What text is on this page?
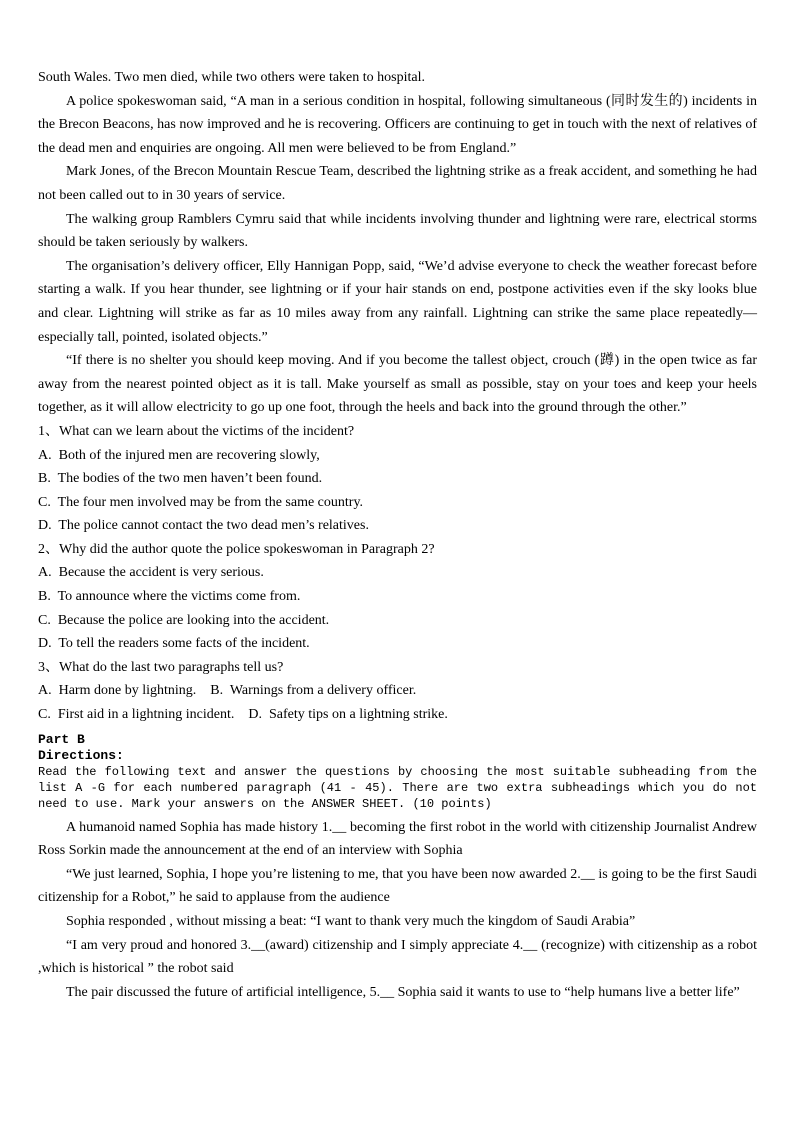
South Wales. Two men died, while two others were taken to hospital.

A police spokeswoman said, “A man in a serious condition in hospital, following simultaneous (同时发生的) incidents in the Brecon Beacons, has now improved and he is recovering. Officers are continuing to get in touch with the next of relatives of the dead men and enquiries are ongoing. All men were believed to be from England.”

Mark Jones, of the Brecon Mountain Rescue Team, described the lightning strike as a freak accident, and something he had not been called out to in 30 years of service.

The walking group Ramblers Cymru said that while incidents involving thunder and lightning were rare, electrical storms should be taken seriously by walkers.

The organisation’s delivery officer, Elly Hannigan Popp, said, “We’d advise everyone to check the weather forecast before starting a walk. If you hear thunder, see lightning or if your hair stands on end, postpone activities even if the sky looks blue and clear. Lightning will strike as far as 10 miles away from any rainfall. Lightning can strike the same place repeatedly—especially tall, pointed, isolated objects.”

“If there is no shelter you should keep moving. And if you become the tallest object, crouch (蹲) in the open twice as far away from the nearest pointed object as it is tall. Make yourself as small as possible, stay on your toes and keep your heels together, as it will allow electricity to go up one foot, through the heels and back into the ground through the other.”

1、What can we learn about the victims of the incident?

A.  Both of the injured men are recovering slowly,

B.  The bodies of the two men haven’t been found.

C.  The four men involved may be from the same country.

D.  The police cannot contact the two dead men’s relatives.

2、Why did the author quote the police spokeswoman in Paragraph 2?

A.  Because the accident is very serious.

B.  To announce where the victims come from.

C.  Because the police are looking into the accident.

D.  To tell the readers some facts of the incident.

3、What do the last two paragraphs tell us?

A.  Harm done by lightning.    B.  Warnings from a delivery officer.

C.  First aid in a lightning incident.    D.  Safety tips on a lightning strike.

Part B

Directions:

Read the following text and answer the questions by choosing the most suitable subheading from the list A -G for each numbered paragraph (41 - 45). There are two extra subheadings which you do not need to use. Mark your answers on the ANSWER SHEET. (10 points)

A humanoid named Sophia has made history 1.__ becoming the first robot in the world with citizenship Journalist Andrew Ross Sorkin made the announcement at the end of an interview with Sophia

“We just learned, Sophia, I hope you’re listening to me, that you have been now awarded 2.__ is going to be the first Saudi citizenship for a Robot,” he said to applause from the audience

Sophia responded , without missing a beat: “I want to thank very much the kingdom of Saudi Arabia”

“I am very proud and honored 3.__(award) citizenship and I simply appreciate 4.__ (recognize) with citizenship as a robot ,which is historical ” the robot said

The pair discussed the future of artificial intelligence, 5.__ Sophia said it wants to use to “help humans live a better life”
